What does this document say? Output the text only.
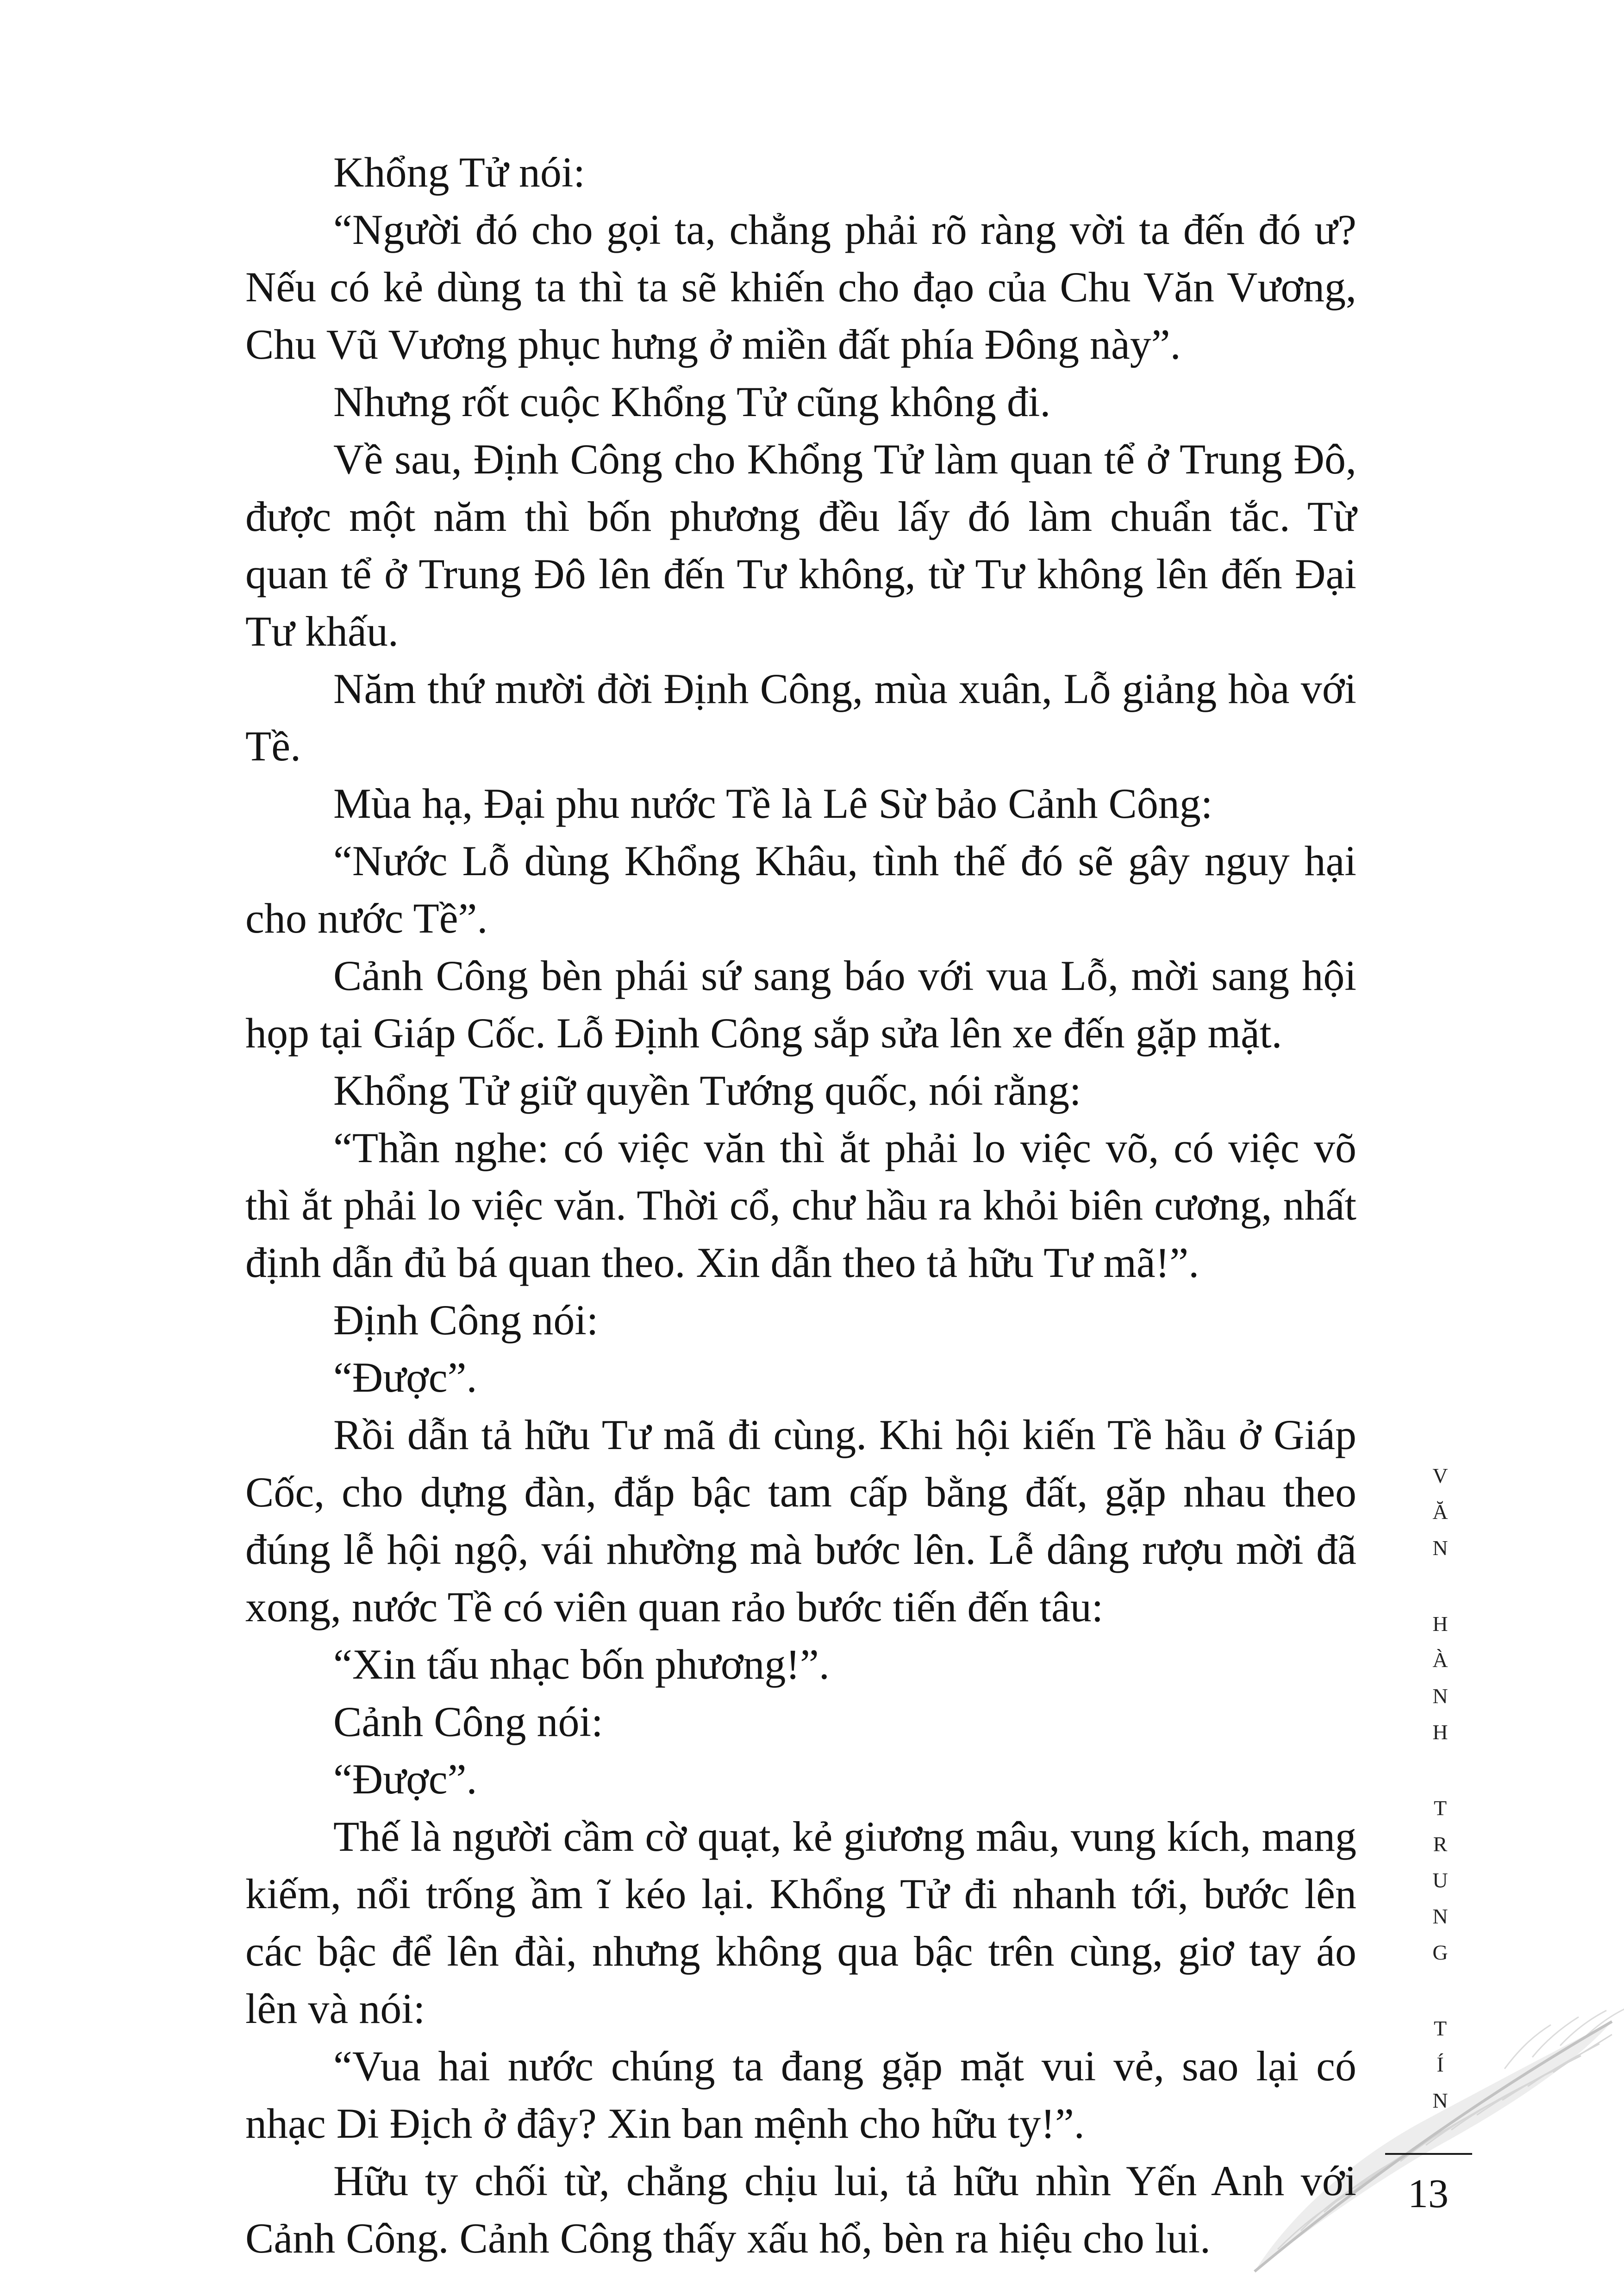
Khổng Tử nói:

“Người đó cho gọi ta, chẳng phải rõ ràng vời ta đến đó ư? Nếu có kẻ dùng ta thì ta sẽ khiến cho đạo của Chu Văn Vương, Chu Vũ Vương phục hưng ở miền đất phía Đông này”.

Nhưng rốt cuộc Khổng Tử cũng không đi.

Về sau, Định Công cho Khổng Tử làm quan tể ở Trung Đô, được một năm thì bốn phương đều lấy đó làm chuẩn tắc. Từ quan tể ở Trung Đô lên đến Tư không, từ Tư không lên đến Đại Tư khấu.

Năm thứ mười đời Định Công, mùa xuân, Lỗ giảng hòa với Tề.

Mùa hạ, Đại phu nước Tề là Lê Sừ bảo Cảnh Công:

“Nước Lỗ dùng Khổng Khâu, tình thế đó sẽ gây nguy hại cho nước Tề”.

Cảnh Công bèn phái sứ sang báo với vua Lỗ, mời sang hội họp tại Giáp Cốc. Lỗ Định Công sắp sửa lên xe đến gặp mặt.

Khổng Tử giữ quyền Tướng quốc, nói rằng:

“Thần nghe: có việc văn thì ắt phải lo việc võ, có việc võ thì ắt phải lo việc văn. Thời cổ, chư hầu ra khỏi biên cương, nhất định dẫn đủ bá quan theo. Xin dẫn theo tả hữu Tư mã!”.

Định Công nói:

“Được”.

Rồi dẫn tả hữu Tư mã đi cùng. Khi hội kiến Tề hầu ở Giáp Cốc, cho dựng đàn, đắp bậc tam cấp bằng đất, gặp nhau theo đúng lễ hội ngộ, vái nhường mà bước lên. Lễ dâng rượu mời đã xong, nước Tề có viên quan rảo bước tiến đến tâu:

“Xin tấu nhạc bốn phương!”.

Cảnh Công nói:

“Được”.

Thế là người cầm cờ quạt, kẻ giương mâu, vung kích, mang kiếm, nổi trống ầm ĩ kéo lại. Khổng Tử đi nhanh tới, bước lên các bậc để lên đài, nhưng không qua bậc trên cùng, giơ tay áo lên và nói:

“Vua hai nước chúng ta đang gặp mặt vui vẻ, sao lại có nhạc Di Địch ở đây? Xin ban mệnh cho hữu ty!”.

Hữu ty chối từ, chẳng chịu lui, tả hữu nhìn Yến Anh với Cảnh Công. Cảnh Công thấy xấu hổ, bèn ra hiệu cho lui.

V
Ă
N
H
À
N
H
T
R
U
N
G
T
Í
N
13
